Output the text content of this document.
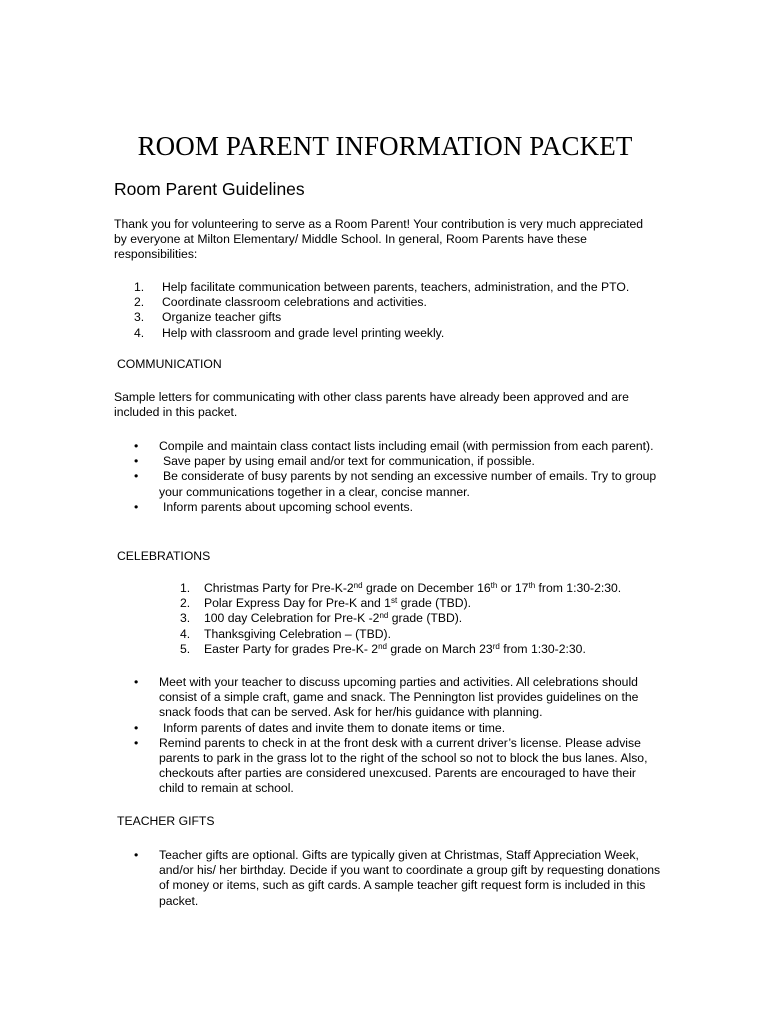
ROOM PARENT INFORMATION PACKET
Room Parent Guidelines

Thank you for volunteering to serve as a Room Parent! Your contribution is very much appreciated by everyone at Milton Elementary/ Middle School. In general, Room Parents have these responsibilities:

1. Help facilitate communication between parents, teachers, administration, and the PTO.
2. Coordinate classroom celebrations and activities.
3. Organize teacher gifts
4. Help with classroom and grade level printing weekly.
COMMUNICATION

Sample letters for communicating with other class parents have already been approved and are included in this packet.

• Compile and maintain class contact lists including email (with permission from each parent).
• Save paper by using email and/or text for communication, if possible.
• Be considerate of busy parents by not sending an excessive number of emails. Try to group your communications together in a clear, concise manner.
• Inform parents about upcoming school events.
CELEBRATIONS
1. Christmas Party for Pre-K-2nd grade on December 16th or 17th from 1:30-2:30.
2. Polar Express Day for Pre-K and 1st grade (TBD).
3. 100 day Celebration for Pre-K -2nd grade (TBD).
4. Thanksgiving Celebration – (TBD).
5. Easter Party for grades Pre-K- 2nd grade on March 23rd from 1:30-2:30.
• Meet with your teacher to discuss upcoming parties and activities. All celebrations should consist of a simple craft, game and snack. The Pennington list provides guidelines on the snack foods that can be served. Ask for her/his guidance with planning.
• Inform parents of dates and invite them to donate items or time.
• Remind parents to check in at the front desk with a current driver’s license. Please advise parents to park in the grass lot to the right of the school so not to block the bus lanes. Also, checkouts after parties are considered unexcused. Parents are encouraged to have their child to remain at school.
TEACHER GIFTS
• Teacher gifts are optional. Gifts are typically given at Christmas, Staff Appreciation Week, and/or his/ her birthday. Decide if you want to coordinate a group gift by requesting donations of money or items, such as gift cards. A sample teacher gift request form is included in this packet.
